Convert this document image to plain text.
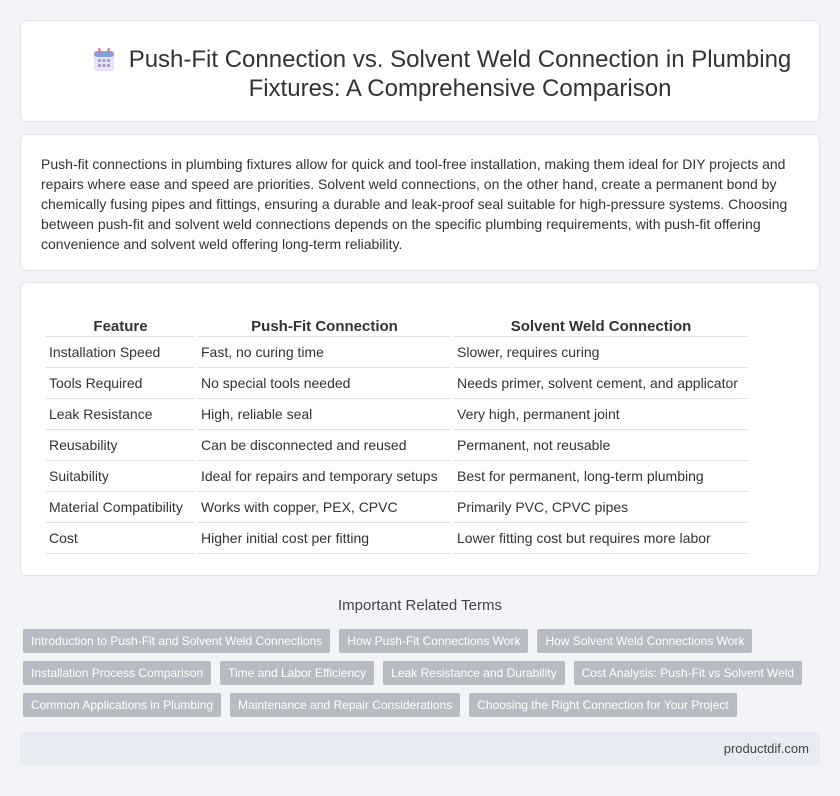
Push-Fit Connection vs. Solvent Weld Connection in Plumbing Fixtures: A Comprehensive Comparison

Push-fit connections in plumbing fixtures allow for quick and tool-free installation, making them ideal for DIY projects and repairs where ease and speed are priorities. Solvent weld connections, on the other hand, create a permanent bond by chemically fusing pipes and fittings, ensuring a durable and leak-proof seal suitable for high-pressure systems. Choosing between push-fit and solvent weld connections depends on the specific plumbing requirements, with push-fit offering convenience and solvent weld offering long-term reliability.

Feature	Push-Fit Connection	Solvent Weld Connection
Installation Speed	Fast, no curing time	Slower, requires curing
Tools Required	No special tools needed	Needs primer, solvent cement, and applicator
Leak Resistance	High, reliable seal	Very high, permanent joint
Reusability	Can be disconnected and reused	Permanent, not reusable
Suitability	Ideal for repairs and temporary setups	Best for permanent, long-term plumbing
Material Compatibility	Works with copper, PEX, CPVC	Primarily PVC, CPVC pipes
Cost	Higher initial cost per fitting	Lower fitting cost but requires more labor
Important Related Terms
Introduction to Push-Fit and Solvent Weld Connections	How Push-Fit Connections Work	How Solvent Weld Connections Work
Installation Process Comparison	Time and Labor Efficiency	Leak Resistance and Durability	Cost Analysis: Push-Fit vs Solvent Weld
Common Applications in Plumbing	Maintenance and Repair Considerations	Choosing the Right Connection for Your Project
productdif.com
